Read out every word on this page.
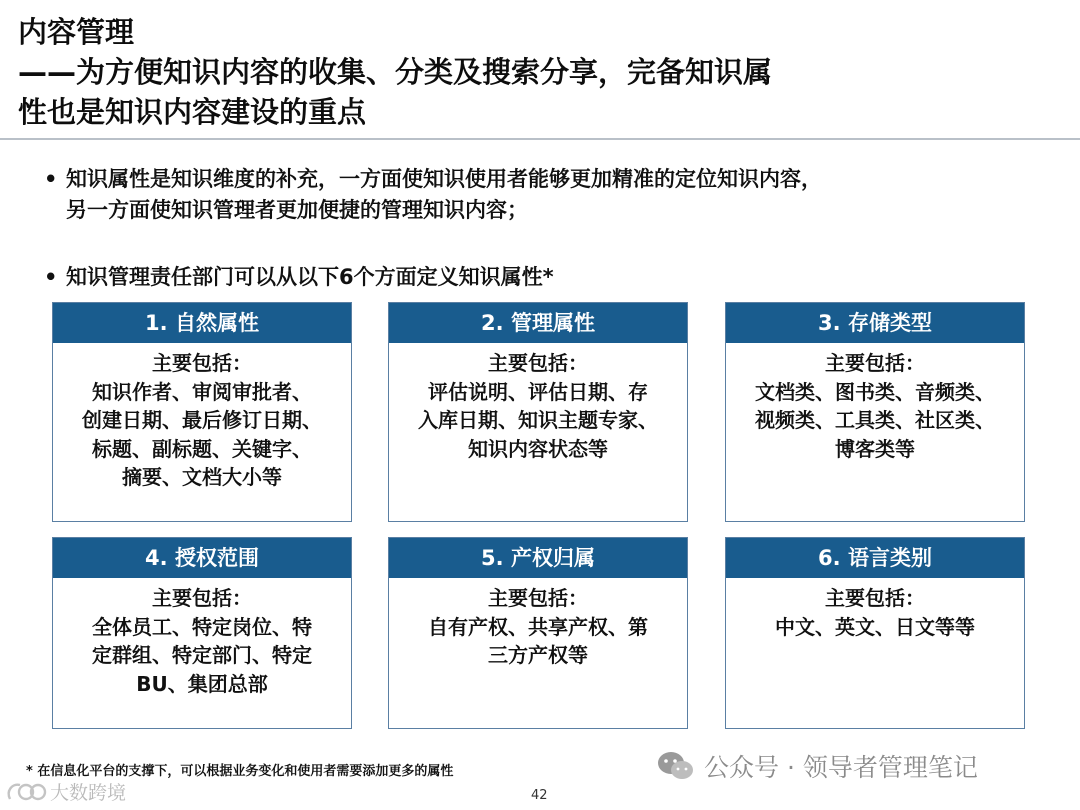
内容管理
——为方便知识内容的收集、分类及搜索分享，完备知识属
性也是知识内容建设的重点
• 知识属性是知识维度的补充，一方面使知识使用者能够更加精准的定位知识内容，
另一方面使知识管理者更加便捷的管理知识内容；
• 知识管理责任部门可以从以下6个方面定义知识属性*
1. 自然属性
主要包括：
知识作者、审阅审批者、
创建日期、最后修订日期、
标题、副标题、关键字、
摘要、文档大小等
2. 管理属性
主要包括：
评估说明、评估日期、存
入库日期、知识主题专家、
知识内容状态等
3. 存储类型
主要包括：
文档类、图书类、音频类、
视频类、工具类、社区类、
博客类等
4. 授权范围
主要包括：
全体员工、特定岗位、特
定群组、特定部门、特定
BU、集团总部
5. 产权归属
主要包括：
自有产权、共享产权、第
三方产权等
6. 语言类别
主要包括：
中文、英文、日文等等
* 在信息化平台的支撑下，可以根据业务变化和使用者需要添加更多的属性
42
公众号 · 领导者管理笔记
大数跨境
